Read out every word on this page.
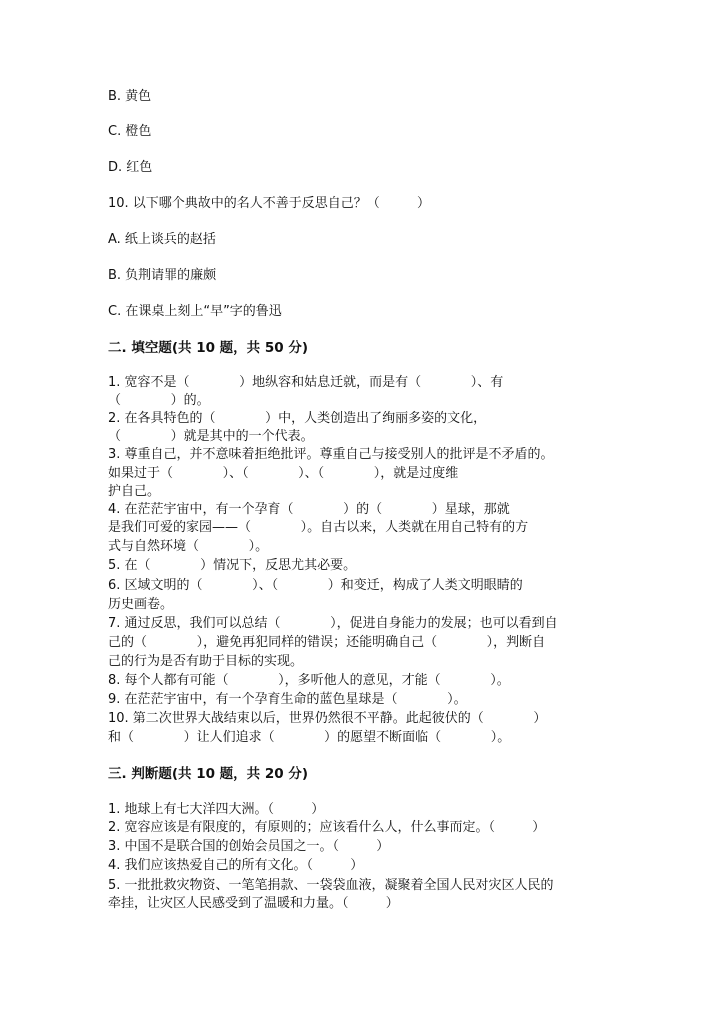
B. 黄色

C. 橙色

D. 红色

10. 以下哪个典故中的名人不善于反思自己？（         ）

A. 纸上谈兵的赵括

B. 负荆请罪的廉颇

C. 在课桌上刻上“早”字的鲁迅

二. 填空题(共 10 题，共 50 分)

1. 宽容不是（            ）地纵容和姑息迁就，而是有（            ）、有

（            ）的。

2. 在各具特色的（            ）中，人类创造出了绚丽多姿的文化，

（            ）就是其中的一个代表。

3. 尊重自己，并不意味着拒绝批评。尊重自己与接受别人的批评是不矛盾的。

如果过于（            ）、（            ）、（            ），就是过度维

护自己。

4. 在茫茫宇宙中，有一个孕育（            ）的（            ）星球，那就

是我们可爱的家园——（            ）。自古以来，人类就在用自己特有的方

式与自然环境（            ）。

5. 在（            ）情况下，反思尤其必要。

6. 区域文明的（            ）、（            ）和变迁，构成了人类文明眼睛的

历史画卷。

7. 通过反思，我们可以总结（            ），促进自身能力的发展；也可以看到自

己的（            ），避免再犯同样的错误；还能明确自己（            ），判断自

己的行为是否有助于目标的实现。

8. 每个人都有可能（            ），多听他人的意见，才能（            ）。

9. 在茫茫宇宙中，有一个孕育生命的蓝色星球是（            ）。

10. 第二次世界大战结束以后，世界仍然很不平静。此起彼伏的（            ）

和（            ）让人们追求（            ）的愿望不断面临（            ）。

三. 判断题(共 10 题，共 20 分)

1. 地球上有七大洋四大洲。（         ）

2. 宽容应该是有限度的，有原则的；应该看什么人，什么事而定。（         ）

3. 中国不是联合国的创始会员国之一。（         ）

4. 我们应该热爱自己的所有文化。（         ）

5. 一批批救灾物资、一笔笔捐款、一袋袋血液，凝聚着全国人民对灾区人民的

牵挂，让灾区人民感受到了温暖和力量。（         ）
